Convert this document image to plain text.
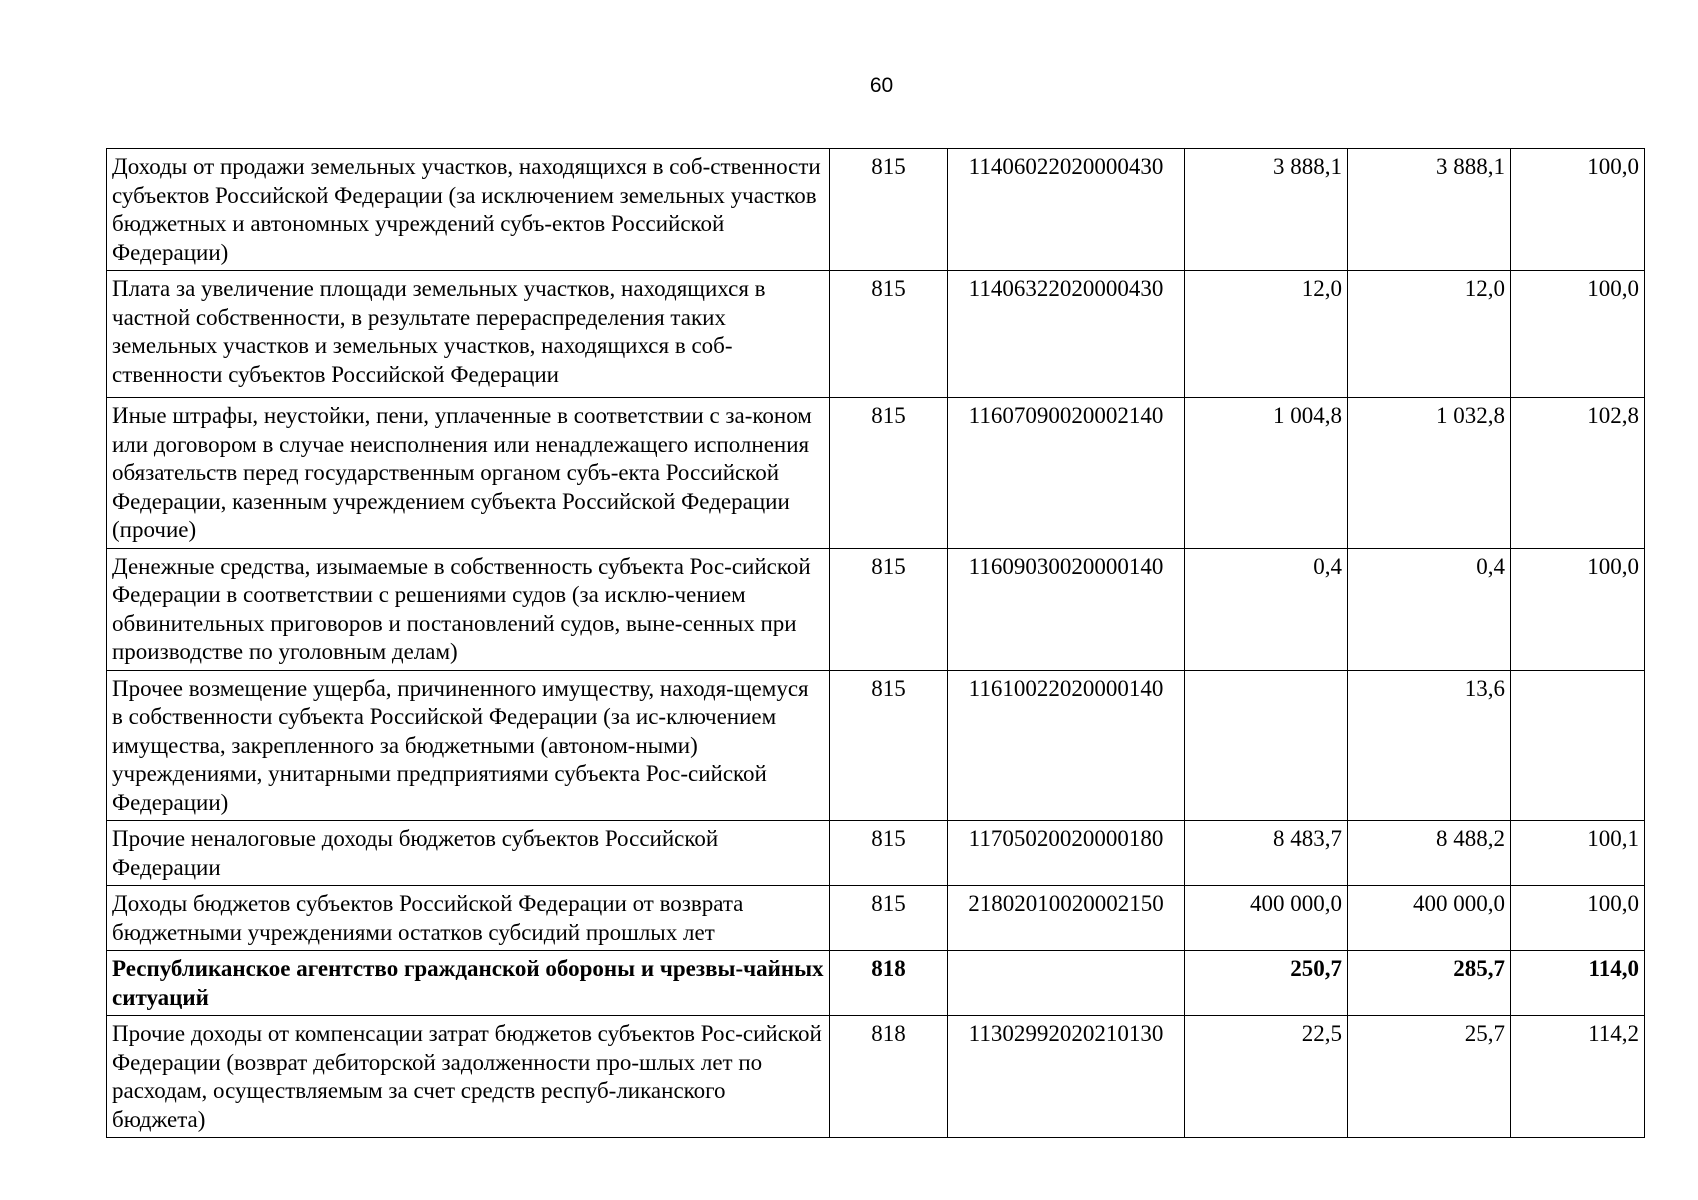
60
Доходы от продажи земельных участков, находящихся в соб-ственности субъектов Российской Федерации (за исключением земельных участков бюджетных и автономных учреждений субъ-ектов Российской Федерации)	815	11406022020000430	3 888,1	3 888,1	100,0
Плата за увеличение площади земельных участков, находящихся в частной собственности, в результате перераспределения таких земельных участков и земельных участков, находящихся в соб-ственности субъектов Российской Федерации	815	11406322020000430	12,0	12,0	100,0
Иные штрафы, неустойки, пени, уплаченные в соответствии с за-коном или договором в случае неисполнения или ненадлежащего исполнения обязательств перед государственным органом субъ-екта Российской Федерации, казенным учреждением субъекта Российской Федерации (прочие)	815	11607090020002140	1 004,8	1 032,8	102,8
Денежные средства, изымаемые в собственность субъекта Рос-сийской Федерации в соответствии с решениями судов (за исклю-чением обвинительных приговоров и постановлений судов, выне-сенных при производстве по уголовным делам)	815	11609030020000140	0,4	0,4	100,0
Прочее возмещение ущерба, причиненного имуществу, находя-щемуся в собственности субъекта Российской Федерации (за ис-ключением имущества, закрепленного за бюджетными (автоном-ными) учреждениями, унитарными предприятиями субъекта Рос-сийской Федерации)	815	11610022020000140		13,6	
Прочие неналоговые доходы бюджетов субъектов Российской Федерации	815	11705020020000180	8 483,7	8 488,2	100,1
Доходы бюджетов субъектов Российской Федерации от возврата бюджетными учреждениями остатков субсидий прошлых лет	815	21802010020002150	400 000,0	400 000,0	100,0
Республиканское агентство гражданской обороны и чрезвы-чайных ситуаций	818		250,7	285,7	114,0
Прочие доходы от компенсации затрат бюджетов субъектов Рос-сийской Федерации (возврат дебиторской задолженности про-шлых лет по расходам, осуществляемым за счет средств респуб-ликанского бюджета)	818	11302992020210130	22,5	25,7	114,2
